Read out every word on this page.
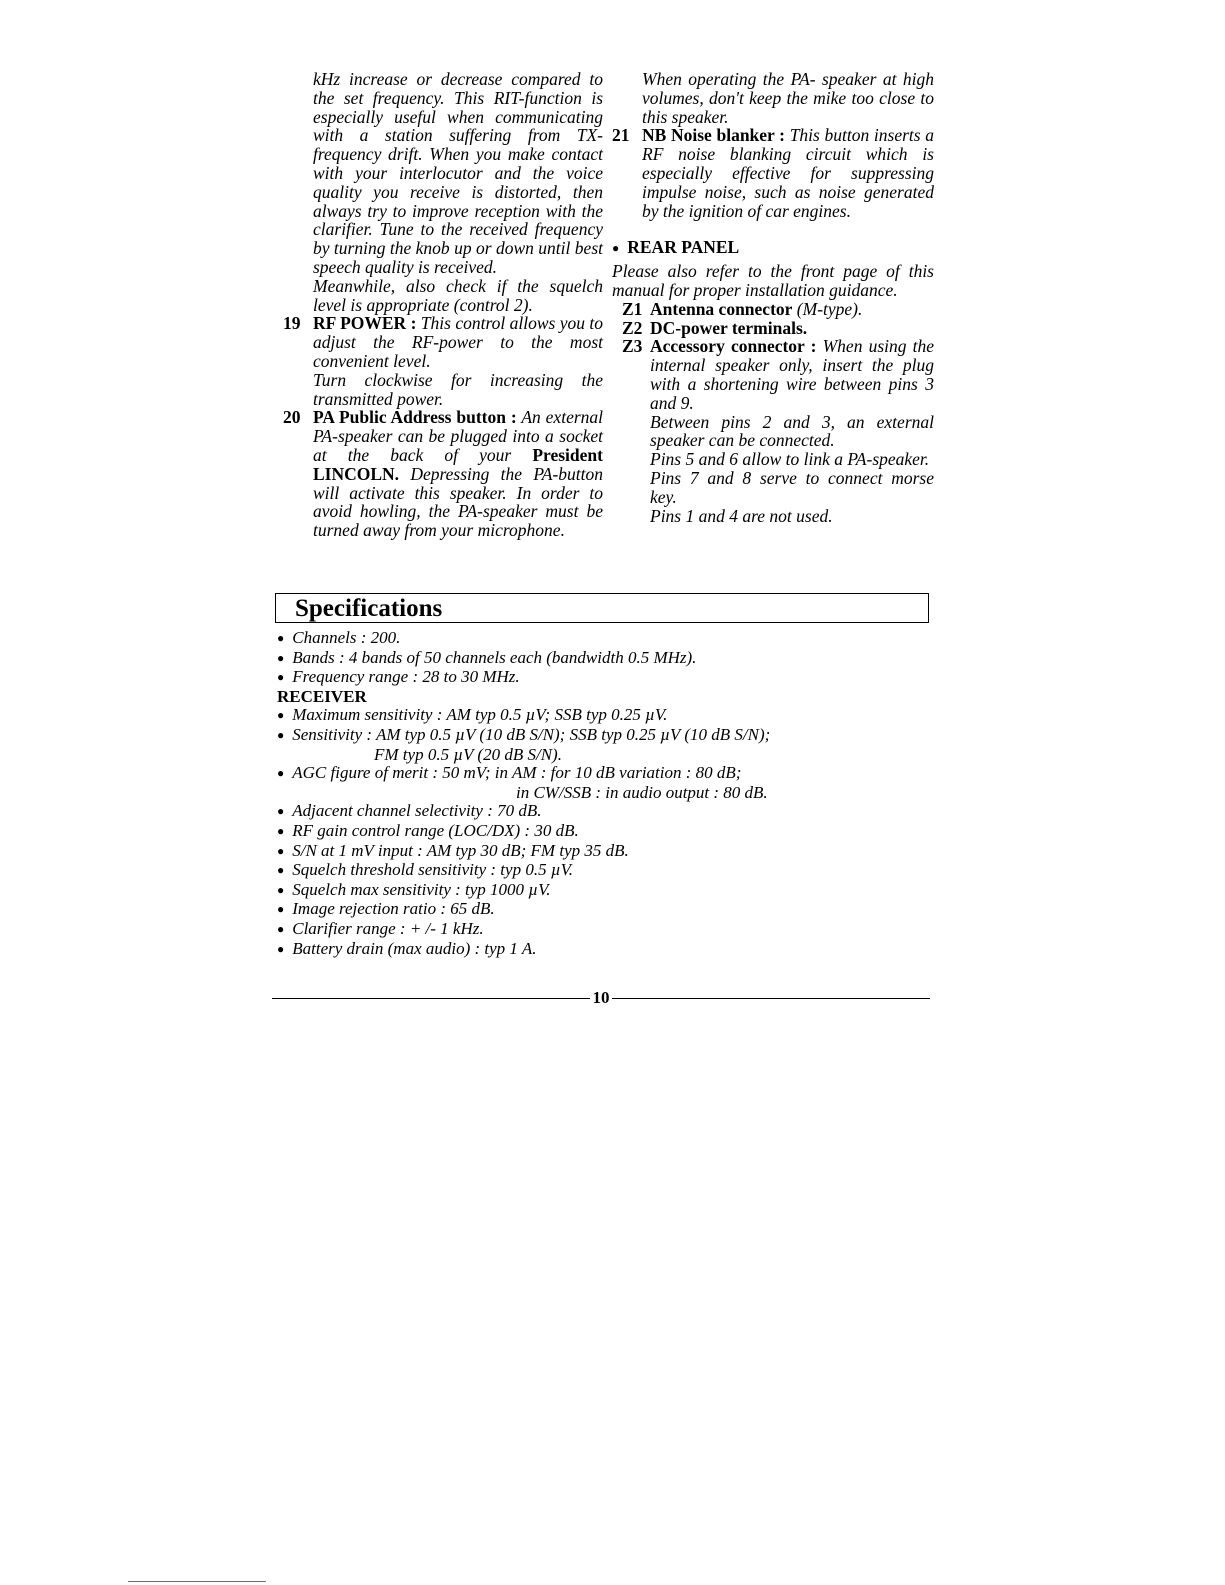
kHz increase or decrease compared to the set frequency. This RIT-function is especially useful when communicating with a station suffering from TX-frequency drift. When you make contact with your interlocutor and the voice quality you receive is distorted, then always try to improve reception with the clarifier. Tune to the received frequency by turning the knob up or down until best speech quality is received.

Meanwhile, also check if the squelch level is appropriate (control 2).

19 RF POWER : This control allows you to adjust the RF-power to the most convenient level.

Turn clockwise for increasing the transmitted power.

20 PA Public Address button : An external PA-speaker can be plugged into a socket at the back of your President LINCOLN. Depressing the PA-button will activate this speaker. In order to avoid howling, the PA-speaker must be turned away from your microphone.

When operating the PA- speaker at high volumes, don't keep the mike too close to this speaker.

21 NB Noise blanker : This button inserts a RF noise blanking circuit which is especially effective for suppressing impulse noise, such as noise generated by the ignition of car engines.

● REAR PANEL

Please also refer to the front page of this manual for proper installation guidance.

Z1 Antenna connector (M-type).

Z2 DC-power terminals.

Z3 Accessory connector : When using the internal speaker only, insert the plug with a shortening wire between pins 3 and 9.

Between pins 2 and 3, an external speaker can be connected.

Pins 5 and 6 allow to link a PA-speaker.

Pins 7 and 8 serve to connect morse key.

Pins 1 and 4 are not used.

Specifications
● Channels : 200.
● Bands : 4 bands of 50 channels each (bandwidth 0.5 MHz).
● Frequency range : 28 to 30 MHz.
RECEIVER
● Maximum sensitivity : AM typ 0.5 µV; SSB typ 0.25 µV.
● Sensitivity : AM typ 0.5 µV (10 dB S/N); SSB typ 0.25 µV (10 dB S/N);
FM typ 0.5 µV (20 dB S/N).
● AGC figure of merit : 50 mV; in AM : for 10 dB variation : 80 dB;
in CW/SSB : in audio output : 80 dB.
● Adjacent channel selectivity : 70 dB.
● RF gain control range (LOC/DX) : 30 dB.
● S/N at 1 mV input : AM typ 30 dB; FM typ 35 dB.
● Squelch threshold sensitivity : typ 0.5 µV.
● Squelch max sensitivity : typ 1000 µV.
● Image rejection ratio : 65 dB.
● Clarifier range : + /- 1 kHz.
● Battery drain (max audio) : typ 1 A.
10
